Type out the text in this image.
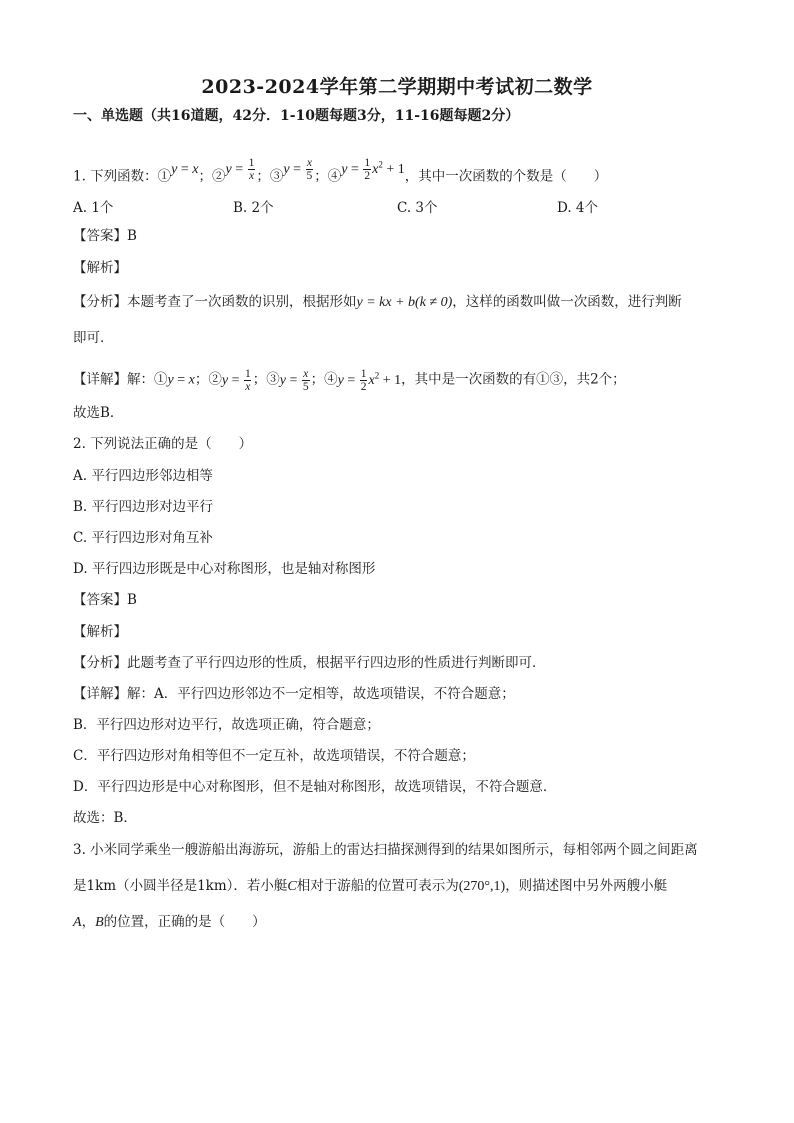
2023-2024学年第二学期期中考试初二数学
一、单选题（共16道题，42分．1-10题每题3分，11-16题每题2分）
1. 下列函数：①y = x；②y = $\frac{1}{x}$ ；③y = $\frac{x}{5}$ ；④y = $\frac{1}{2} x^2 + 1$，其中一次函数的个数是（　　）
A. 1个	B. 2个	C. 3个	D. 4个
【答案】B
【解析】
【分析】本题考查了一次函数的识别，根据形如y = kx + b(k ≠ 0)，这样的函数叫做一次函数，进行判断
即可．
【详解】解：①y = x；②y = $\frac{1}{x}$ ；③y = $\frac{x}{5}$ ；④y = $\frac{1}{2} x^2 + 1$，其中是一次函数的有①③，共2个；
故选B．
2. 下列说法正确的是（　　）
A. 平行四边形邻边相等
B. 平行四边形对边平行
C. 平行四边形对角互补
D. 平行四边形既是中心对称图形，也是轴对称图形
【答案】B
【解析】
【分析】此题考查了平行四边形的性质，根据平行四边形的性质进行判断即可．
【详解】解：A．平行四边形邻边不一定相等，故选项错误，不符合题意；
B．平行四边形对边平行，故选项正确，符合题意；
C．平行四边形对角相等但不一定互补，故选项错误，不符合题意；
D．平行四边形是中心对称图形，但不是轴对称图形，故选项错误，不符合题意．
故选：B．
3. 小米同学乘坐一艘游船出海游玩，游船上的雷达扫描探测得到的结果如图所示，每相邻两个圆之间距离
是1km（小圆半径是1km）．若小艇C相对于游船的位置可表示为(270°,1)，则描述图中另外两艘小艇
A，B的位置，正确的是（　　）
